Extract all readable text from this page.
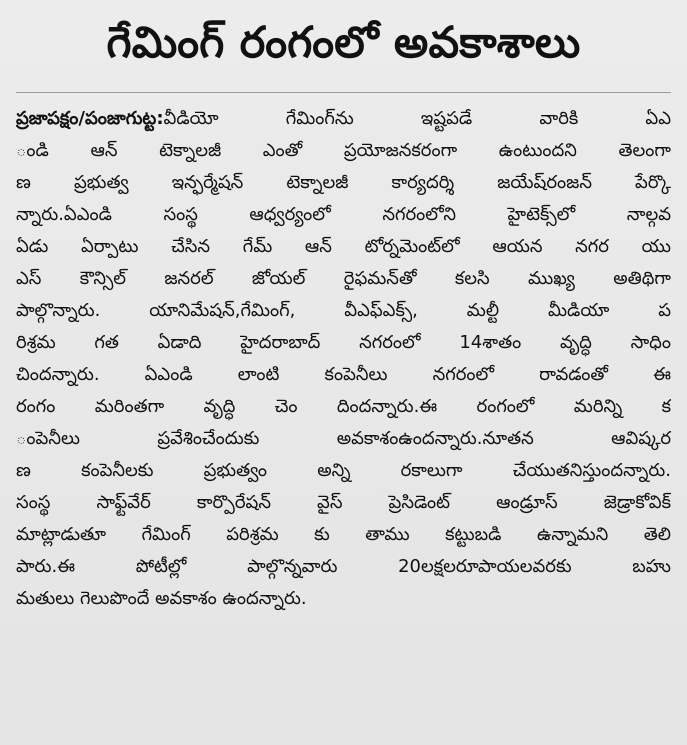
గేమింగ్ రంగంలో అవకాశాలు
ప్రజాపక్షం/పంజాగుట్ట:వీడియో గేమింగ్‌ను ఇష్టపడే వారికి ఏఎ
ండి ఆన్ టెక్నాలజీ ఎంతో ప్రయోజనకరంగా ఉంటుందని తెలంగా
ణ ప్రభుత్వ ఇన్ఫర్మేషన్ టెక్నాలజీ కార్యదర్శి జయేష్‌రంజన్ పేర్కొ
న్నారు.ఏఎండి సంస్థ ఆధ్వర్యంలో నగరంలోని హైటెక్స్‌లో నాల్గవ
ఏడు ఏర్పాటు చేసిన గేమ్ ఆన్ టోర్నమెంట్‌లో ఆయన నగర యు
ఎస్ కౌన్సిల్ జనరల్ జోయల్ రైఫమన్‌తో కలసి ముఖ్య అతిథిగా
పాల్గొన్నారు. యానిమేషన్,గేమింగ్, వీఎఫ్ఎక్స్, మల్టీ మీడియా ప
రిశ్రమ గత ఏడాది హైదరాబాద్ నగరంలో 14శాతం వృద్ధి సాధిం
చిందన్నారు. ఏఎండి లాంటి కంపెనీలు నగరంలో రావడంతో ఈ
రంగం మరింతగా వృద్ధి చెం దిందన్నారు.ఈ రంగంలో మరిన్ని క
ంపెనీలు ప్రవేశించేందుకు అవకాశంఉందన్నారు.నూతన ఆవిష్కర
ణ కంపెనీలకు ప్రభుత్వం అన్ని రకాలుగా చేయుతనిస్తుందన్నారు.
సంస్థ సాఫ్ట్‌వేర్ కార్పొరేషన్ వైస్ ప్రెసిడెంట్ ఆండ్రూస్ జెడ్రాకోవిక్
మాట్లాడుతూ గేమింగ్ పరిశ్రమ కు తాము కట్టుబడి ఉన్నామని తెలి
పారు.ఈ పోటీల్లో పాల్గొన్నవారు 20లక్షలరూపాయలవరకు బహు
మతులు గెలుపొందే అవకాశం ఉందన్నారు.
